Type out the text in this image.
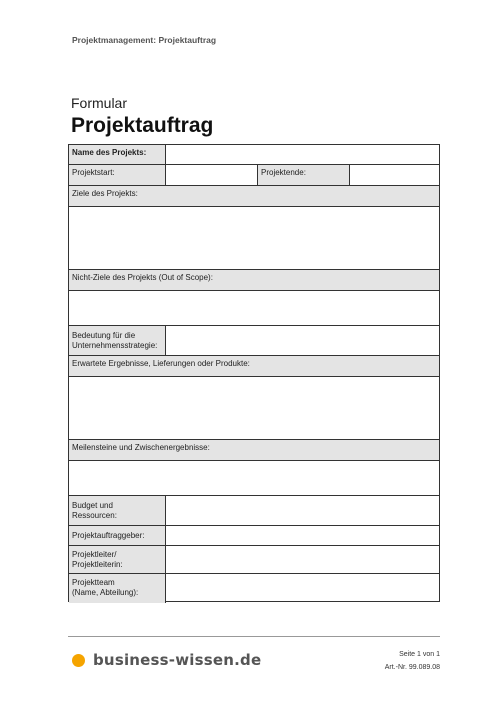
Projektmanagement: Projektauftrag
Formular
Projektauftrag
Name des Projekts:
Projektstart:	Projektende:
Ziele des Projekts:
Nicht-Ziele des Projekts (Out of Scope):
Bedeutung für die
Unternehmensstrategie:
Erwartete Ergebnisse, Lieferungen oder Produkte:
Meilensteine und Zwischenergebnisse:
Budget und
Ressourcen:
Projektauftraggeber:
Projektleiter/
Projektleiterin:
Projektteam
(Name, Abteilung):
business-wissen.de	Seite 1 von 1
Art.-Nr. 99.089.08
